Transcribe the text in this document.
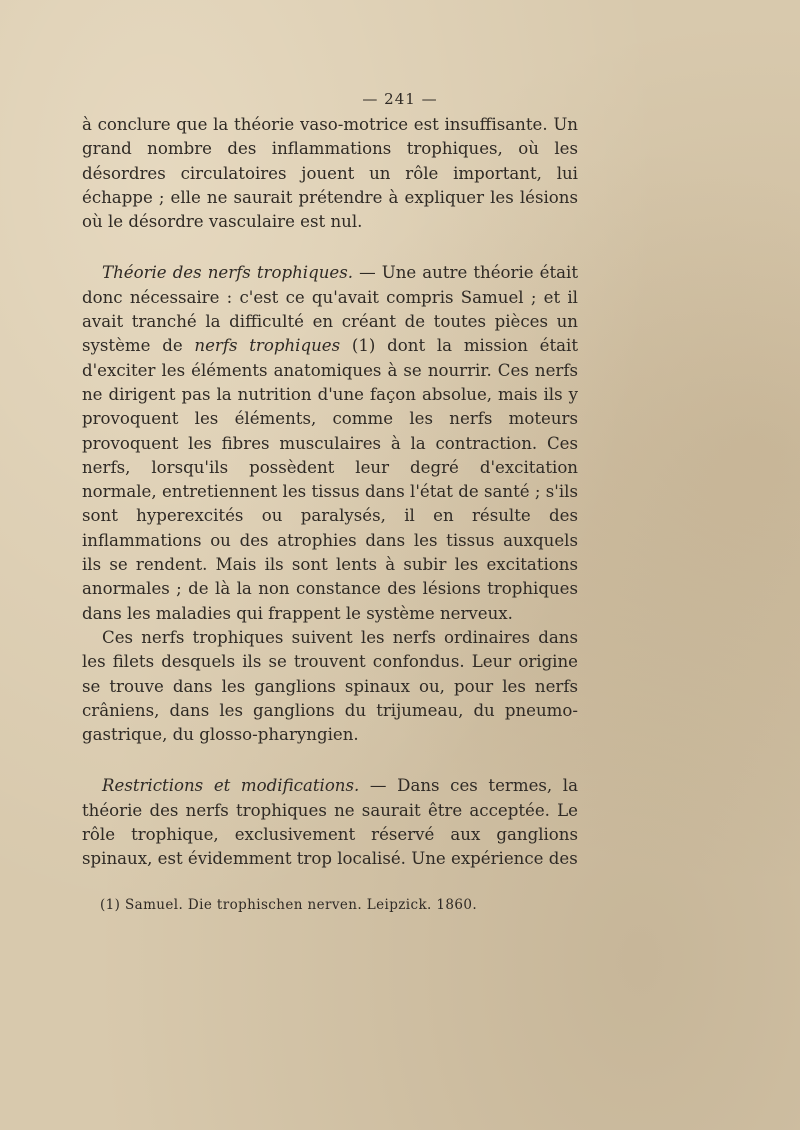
— 241 —

à conclure que la théorie vaso-motrice est insuffisante. Un grand nombre des inflammations trophiques, où les désordres circulatoires jouent un rôle important, lui échappe ; elle ne saurait prétendre à expliquer les lésions où le désordre vasculaire est nul.

Théorie des nerfs trophiques. — Une autre théorie était donc nécessaire : c'est ce qu'avait compris Samuel ; et il avait tranché la difficulté en créant de toutes pièces un système de nerfs trophiques (1) dont la mission était d'exciter les éléments anatomiques à se nourrir. Ces nerfs ne dirigent pas la nutrition d'une façon absolue, mais ils y provoquent les éléments, comme les nerfs moteurs provoquent les fibres musculaires à la contraction. Ces nerfs, lorsqu'ils possèdent leur degré d'excitation normale, entretiennent les tissus dans l'état de santé ; s'ils sont hyperexcités ou paralysés, il en résulte des inflammations ou des atrophies dans les tissus auxquels ils se rendent. Mais ils sont lents à subir les excitations anormales ; de là la non constance des lésions trophiques dans les maladies qui frappent le système nerveux.

Ces nerfs trophiques suivent les nerfs ordinaires dans les filets desquels ils se trouvent confondus. Leur origine se trouve dans les ganglions spinaux ou, pour les nerfs crâniens, dans les ganglions du trijumeau, du pneumo-gastrique, du glosso-pharyngien.

Restrictions et modifications. — Dans ces termes, la théorie des nerfs trophiques ne saurait être acceptée. Le rôle trophique, exclusivement réservé aux ganglions spinaux, est évidemment trop localisé. Une expérience des

(1) Samuel. Die trophischen nerven. Leipzick. 1860.
